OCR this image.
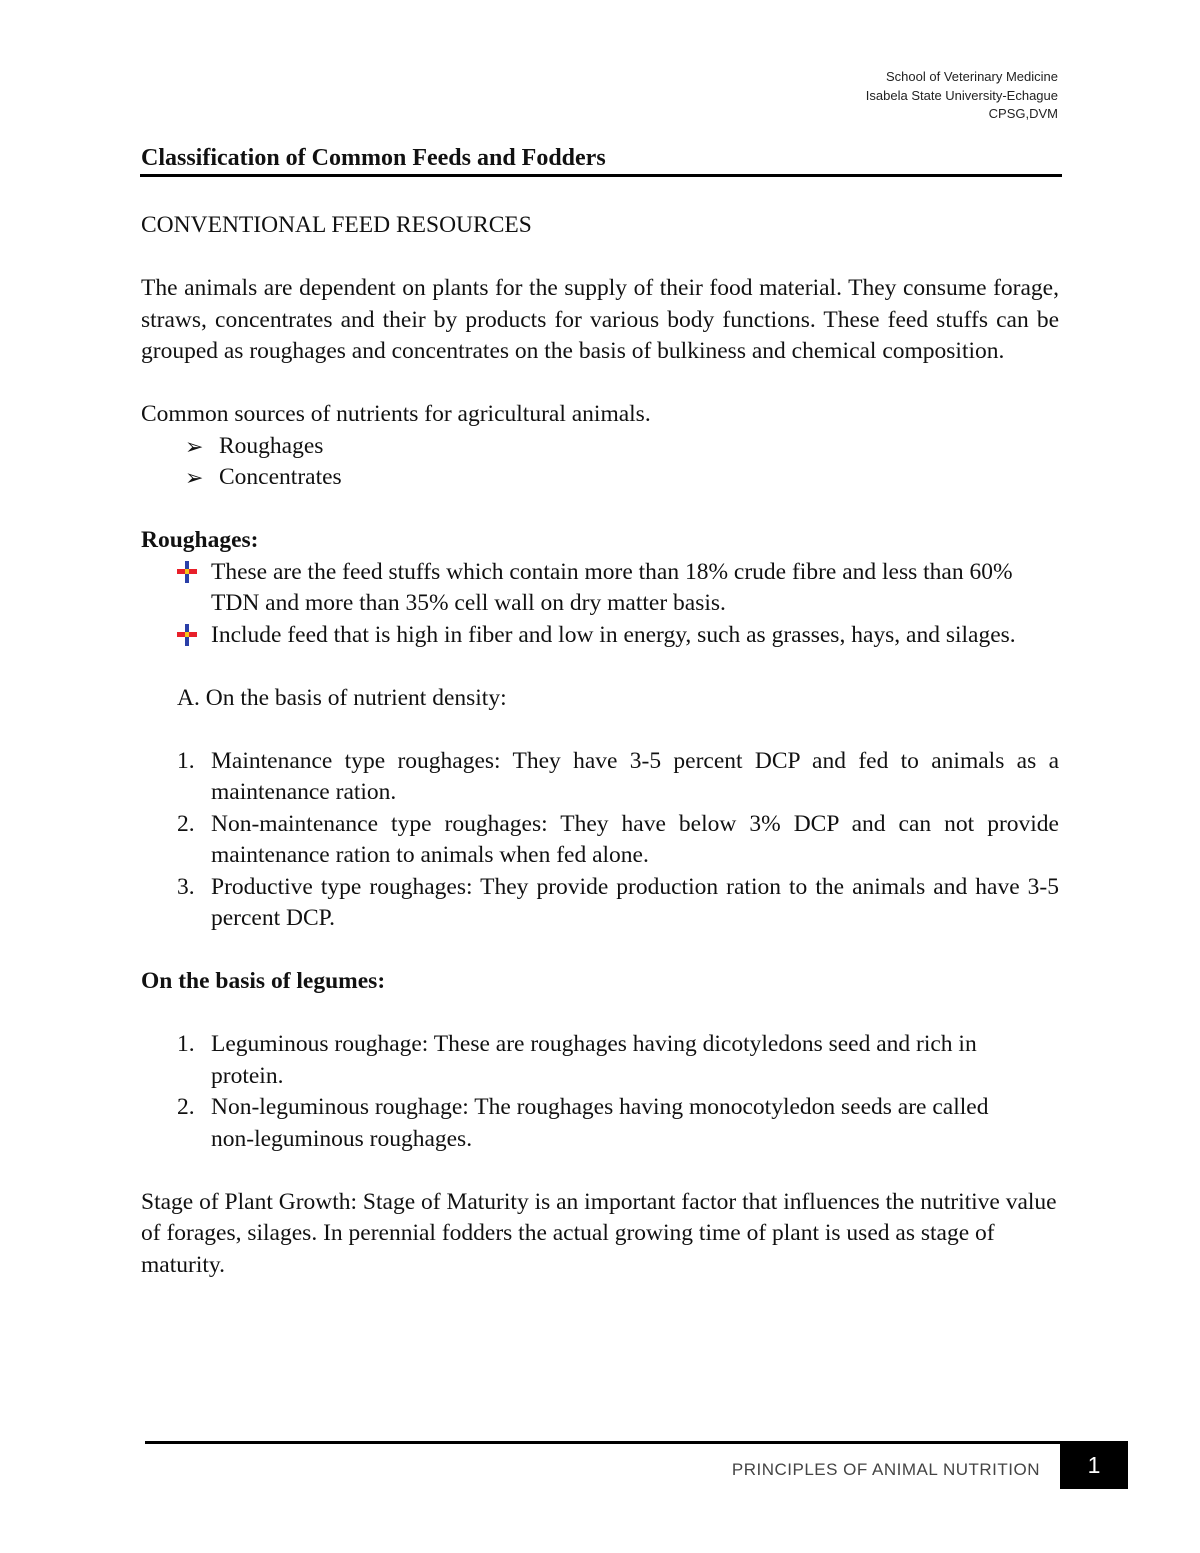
School of Veterinary Medicine
Isabela State University-Echague
CPSG,DVM
Classification of Common Feeds and Fodders

CONVENTIONAL FEED RESOURCES

The animals are dependent on plants for the supply of their food material. They consume forage, straws, concentrates and their by products for various body functions. These feed stuffs can be grouped as roughages and concentrates on the basis of bulkiness and chemical composition.

Common sources of nutrients for agricultural animals.

➢ Roughages
➢ Concentrates

Roughages:

These are the feed stuffs which contain more than 18% crude fibre and less than 60% TDN and more than 35% cell wall on dry matter basis.
Include feed that is high in fiber and low in energy, such as grasses, hays, and silages.

A. On the basis of nutrient density:

1. Maintenance type roughages: They have 3-5 percent DCP and fed to animals as a maintenance ration.
2. Non-maintenance type roughages: They have below 3% DCP and can not provide maintenance ration to animals when fed alone.
3. Productive type roughages: They provide production ration to the animals and have 3-5 percent DCP.

On the basis of legumes:

1. Leguminous roughage: These are roughages having dicotyledons seed and rich in protein.
2. Non-leguminous roughage: The roughages having monocotyledon seeds are called non-leguminous roughages.

Stage of Plant Growth: Stage of Maturity is an important factor that influences the nutritive value of forages, silages. In perennial fodders the actual growing time of plant is used as stage of maturity.

PRINCIPLES OF ANIMAL NUTRITION	1
